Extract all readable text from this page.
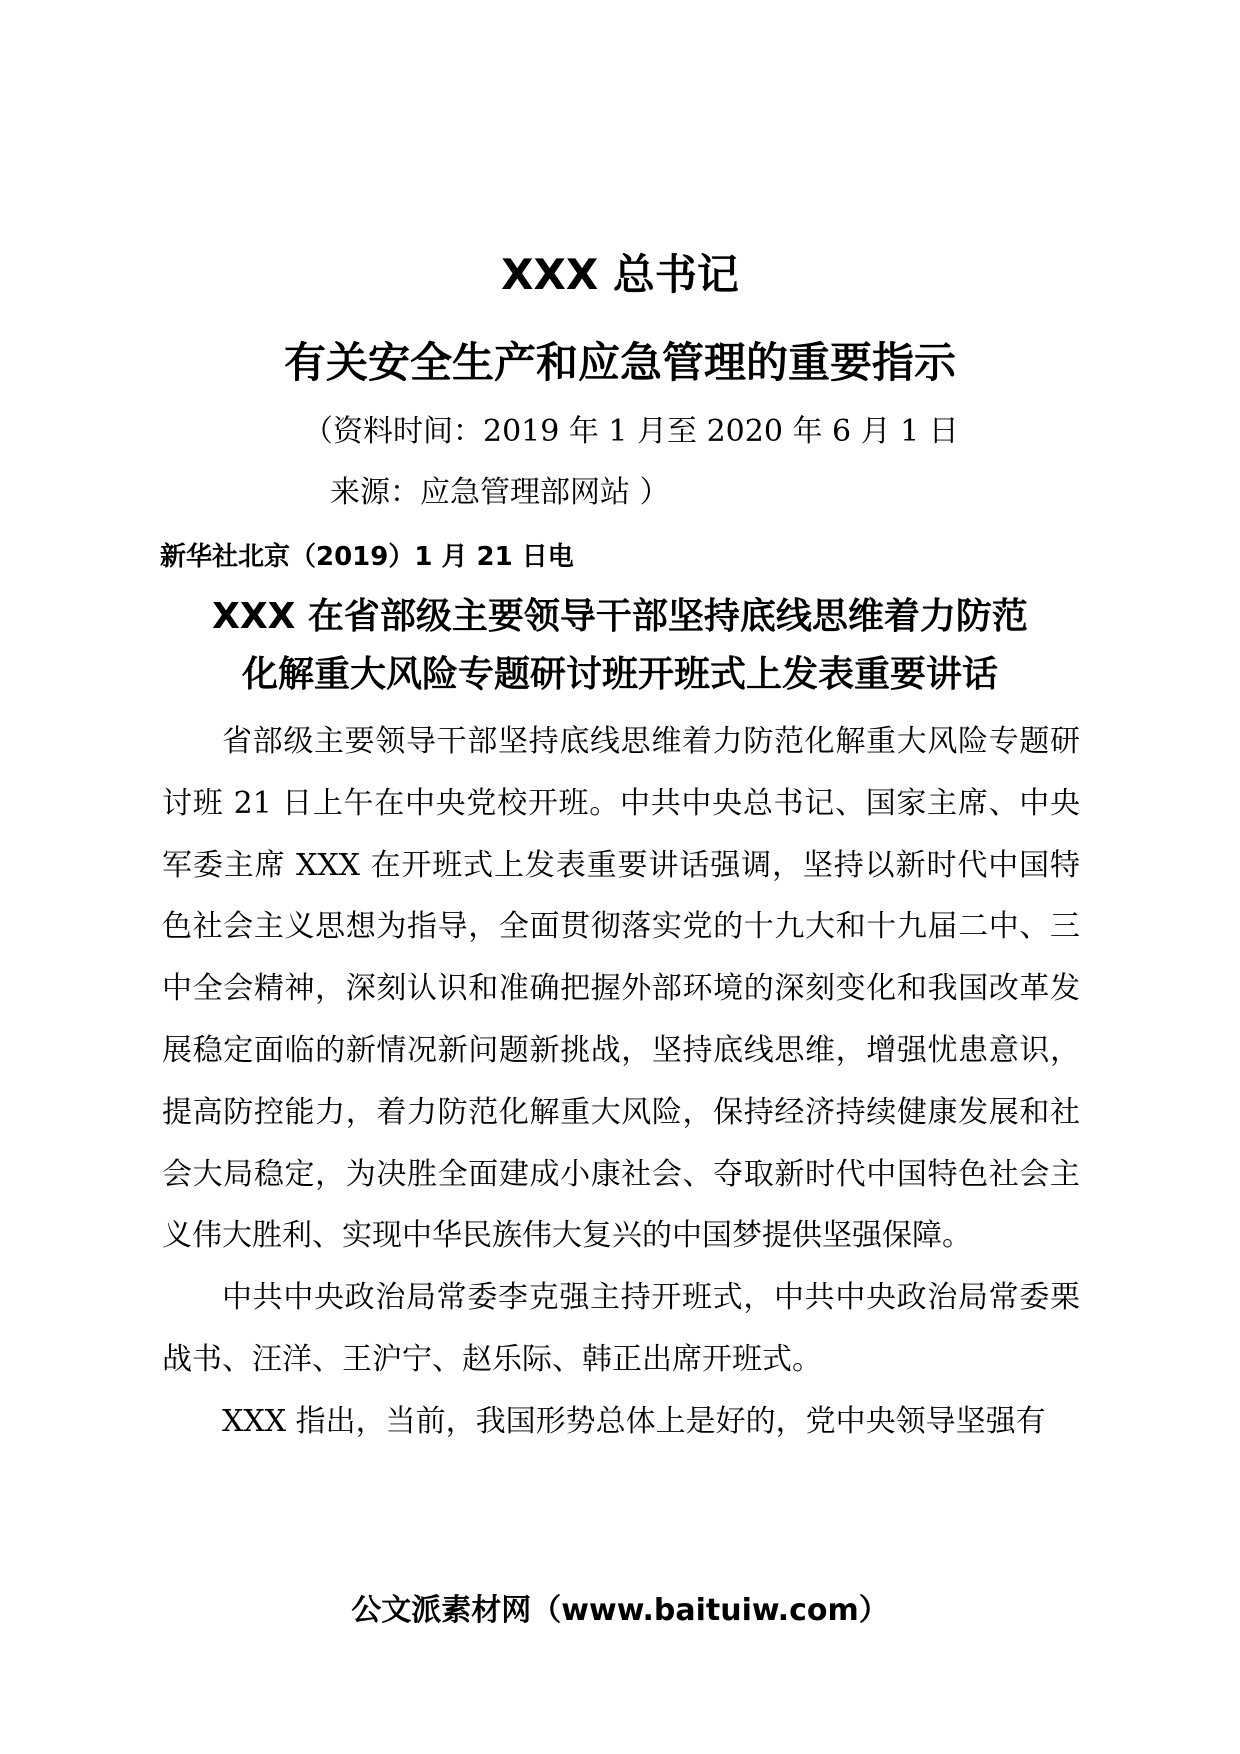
XXX 总书记
有关安全生产和应急管理的重要指示
（资料时间：2019 年 1 月至 2020 年 6 月 1 日
来源：应急管理部网站 ）
新华社北京（2019）1 月 21 日电
XXX 在省部级主要领导干部坚持底线思维着力防范
化解重大风险专题研讨班开班式上发表重要讲话

省部级主要领导干部坚持底线思维着力防范化解重大风险专题研讨班 21 日上午在中央党校开班。中共中央总书记、国家主席、中央军委主席 XXX 在开班式上发表重要讲话强调，坚持以新时代中国特色社会主义思想为指导，全面贯彻落实党的十九大和十九届二中、三中全会精神，深刻认识和准确把握外部环境的深刻变化和我国改革发展稳定面临的新情况新问题新挑战，坚持底线思维，增强忧患意识，提高防控能力，着力防范化解重大风险，保持经济持续健康发展和社会大局稳定，为决胜全面建成小康社会、夺取新时代中国特色社会主义伟大胜利、实现中华民族伟大复兴的中国梦提供坚强保障。

中共中央政治局常委李克强主持开班式，中共中央政治局常委栗战书、汪洋、王沪宁、赵乐际、韩正出席开班式。

XXX 指出，当前，我国形势总体上是好的，党中央领导坚强有

公文派素材网（www.baituiw.com）
